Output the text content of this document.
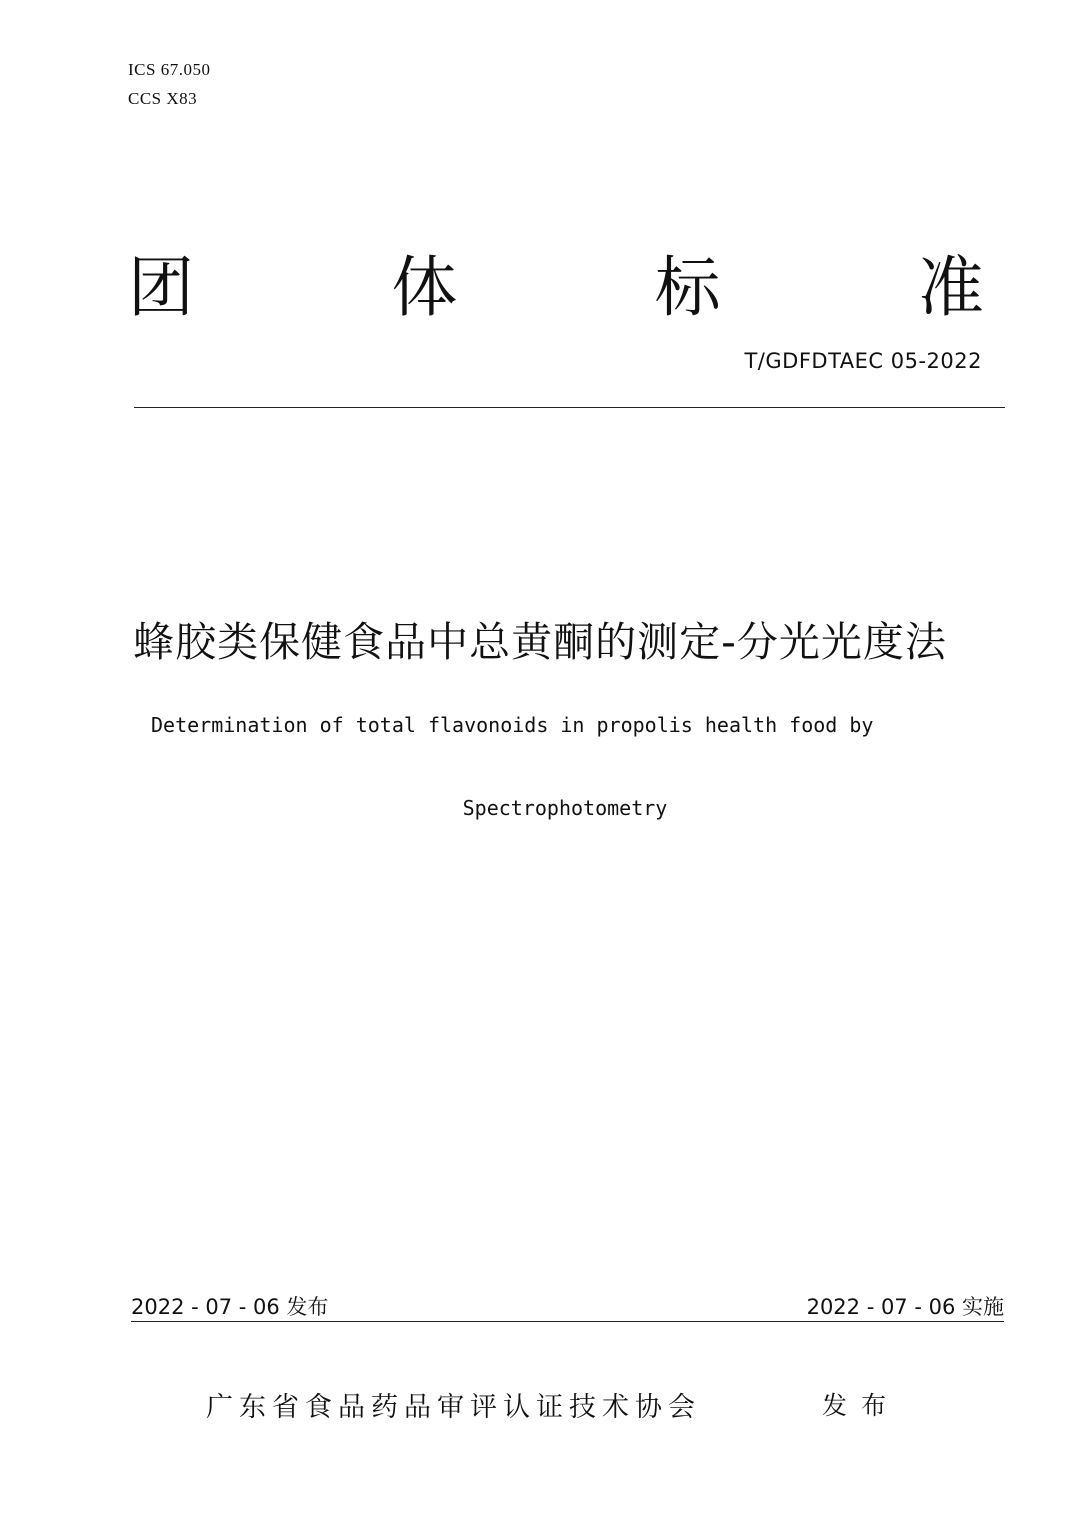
ICS 67.050
CCS X83
团	体	标	准
T/GDFDTAEC 05-2022
蜂胶类保健食品中总黄酮的测定-分光光度法
Determination of total flavonoids in propolis health food by
Spectrophotometry
2022 - 07 - 06 发布	2022 - 07 - 06 实施
广东省食品药品审评认证技术协会	发布
